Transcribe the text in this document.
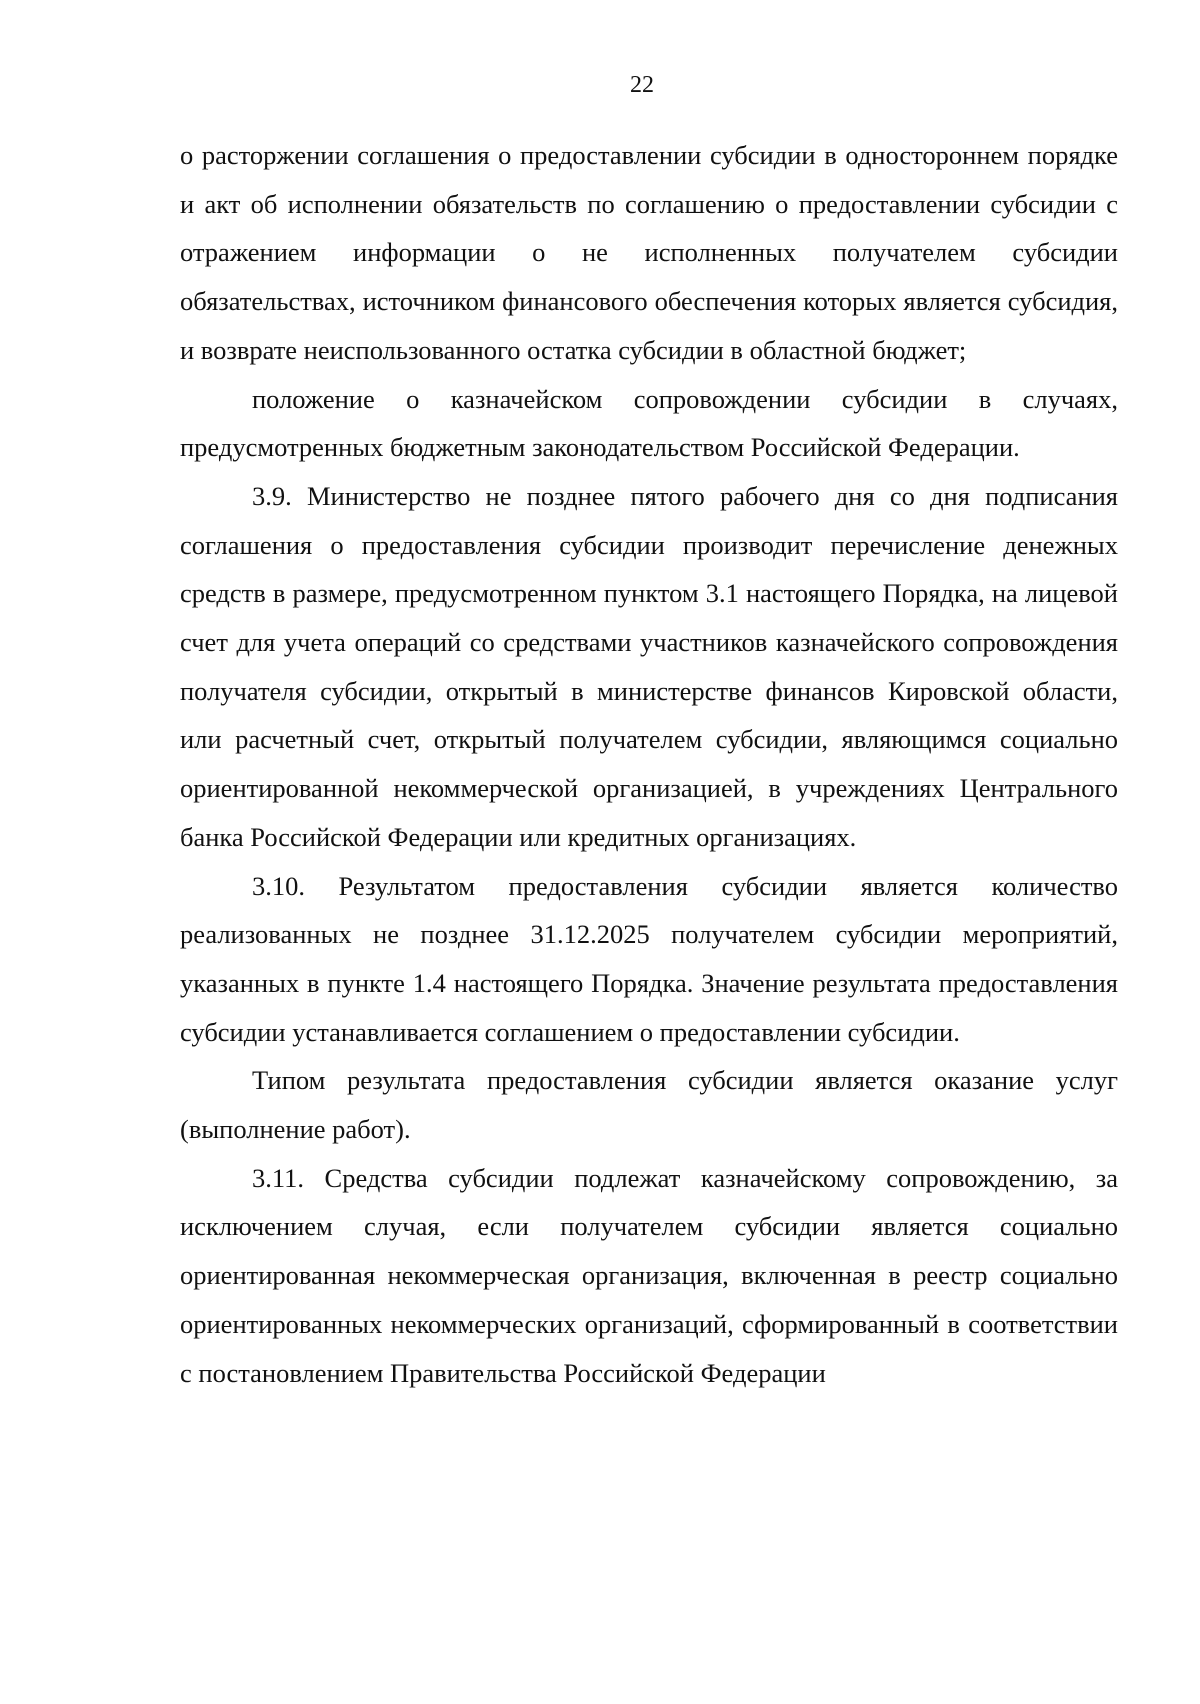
22

о расторжении соглашения о предоставлении субсидии в одностороннем порядке и акт об исполнении обязательств по соглашению о предоставлении субсидии с отражением информации о не исполненных получателем субсидии обязательствах, источником финансового обеспечения которых является субсидия, и возврате неиспользованного остатка субсидии в областной бюджет;

положение о казначейском сопровождении субсидии в случаях, предусмотренных бюджетным законодательством Российской Федерации.

3.9. Министерство не позднее пятого рабочего дня со дня подписания соглашения о предоставления субсидии производит перечисление денежных средств в размере, предусмотренном пунктом 3.1 настоящего Порядка, на лицевой счет для учета операций со средствами участников казначейского сопровождения получателя субсидии, открытый в министерстве финансов Кировской области, или расчетный счет, открытый получателем субсидии, являющимся социально ориентированной некоммерческой организацией, в учреждениях Центрального банка Российской Федерации или кредитных организациях.

3.10. Результатом предоставления субсидии является количество реализованных не позднее 31.12.2025 получателем субсидии мероприятий, указанных в пункте 1.4 настоящего Порядка. Значение результата предоставления субсидии устанавливается соглашением о предоставлении субсидии.

Типом результата предоставления субсидии является оказание услуг (выполнение работ).

3.11. Средства субсидии подлежат казначейскому сопровождению, за исключением случая, если получателем субсидии является социально ориентированная некоммерческая организация, включенная в реестр социально ориентированных некоммерческих организаций, сформированный в соответствии с постановлением Правительства Российской Федерации
